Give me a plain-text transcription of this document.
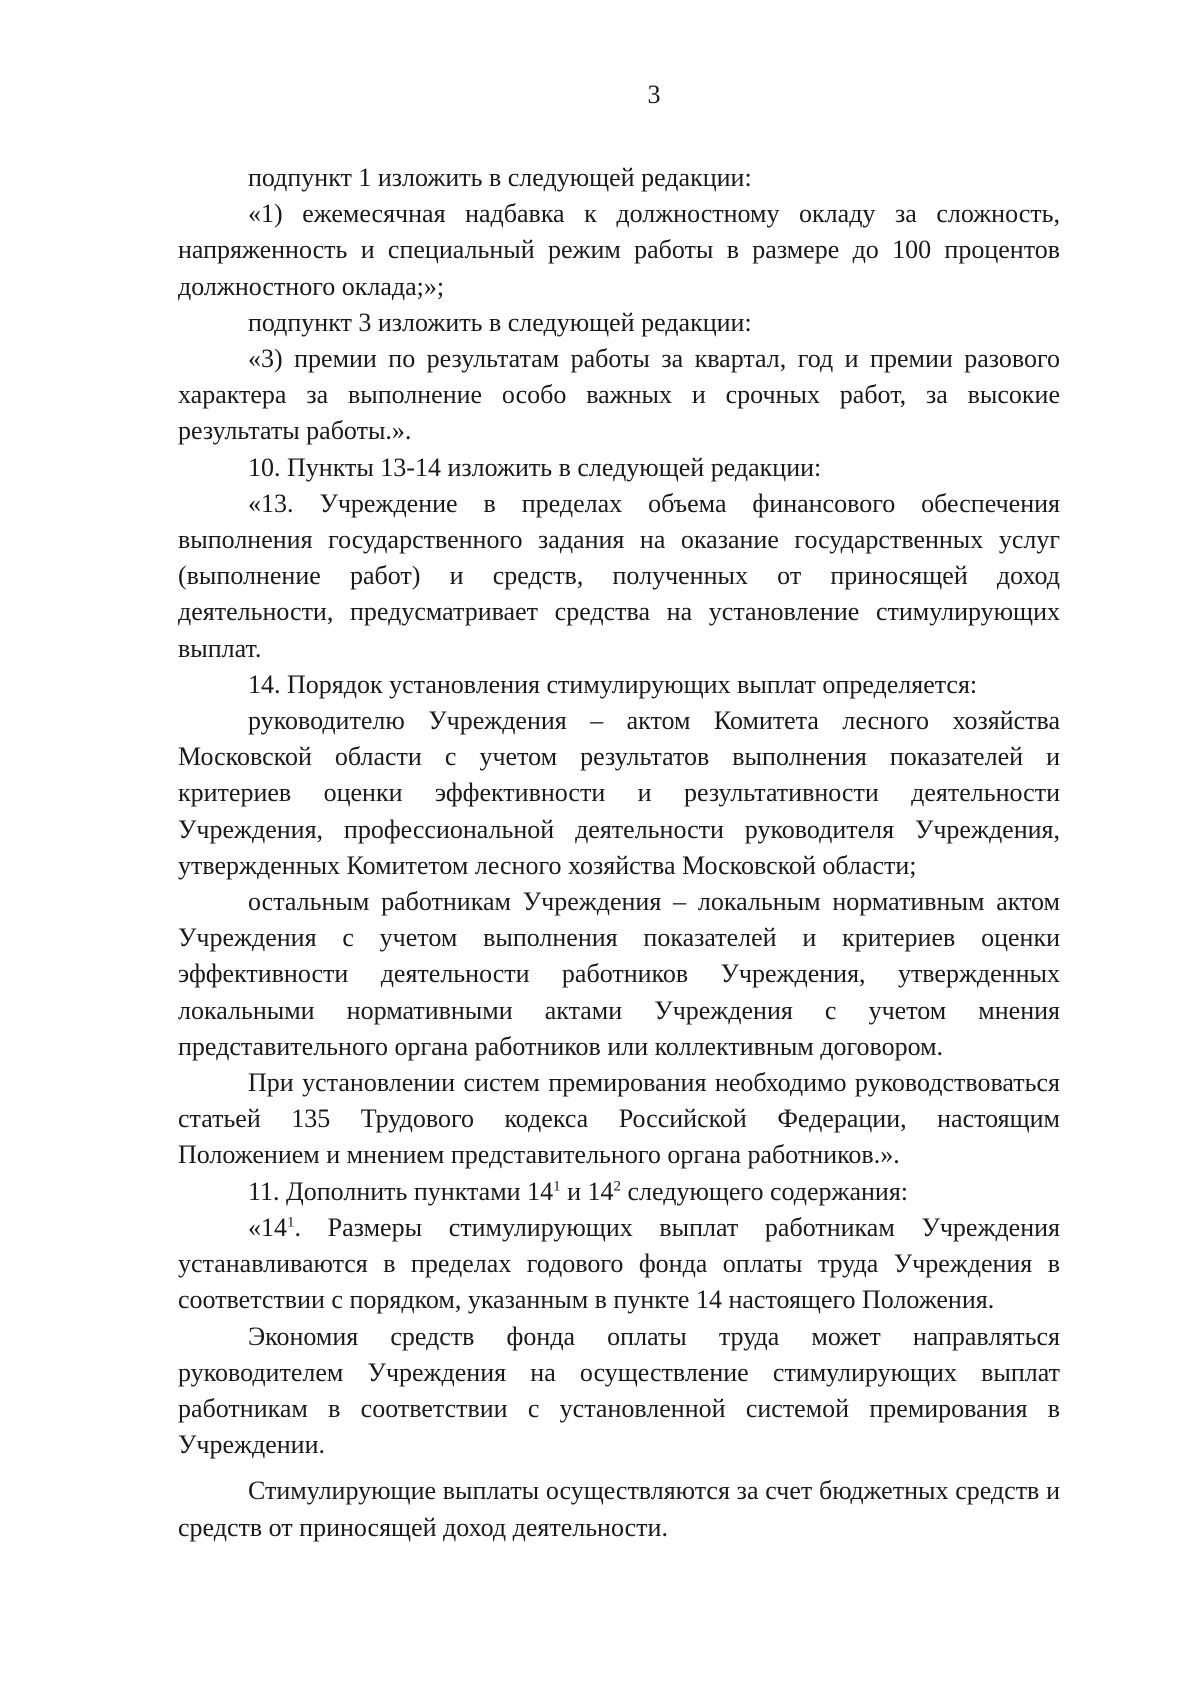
3

подпункт 1 изложить в следующей редакции:

«1) ежемесячная надбавка к должностному окладу за сложность, напряженность и специальный режим работы в размере до 100 процентов должностного оклада;»;

подпункт 3 изложить в следующей редакции:

«3) премии по результатам работы за квартал, год и премии разового характера за выполнение особо важных и срочных работ, за высокие результаты работы.».

10. Пункты 13-14 изложить в следующей редакции:

«13. Учреждение в пределах объема финансового обеспечения выполнения государственного задания на оказание государственных услуг (выполнение работ) и средств, полученных от приносящей доход деятельности, предусматривает средства на установление стимулирующих выплат.

14. Порядок установления стимулирующих выплат определяется:

руководителю Учреждения – актом Комитета лесного хозяйства Московской области с учетом результатов выполнения показателей и критериев оценки эффективности и результативности деятельности Учреждения, профессиональной деятельности руководителя Учреждения, утвержденных Комитетом лесного хозяйства Московской области;

остальным работникам Учреждения – локальным нормативным актом Учреждения с учетом выполнения показателей и критериев оценки эффективности деятельности работников Учреждения, утвержденных локальными нормативными актами Учреждения с учетом мнения представительного органа работников или коллективным договором.

При установлении систем премирования необходимо руководствоваться статьей 135 Трудового кодекса Российской Федерации, настоящим Положением и мнением представительного органа работников.».

11. Дополнить пунктами $14^1$ и $14^2$ следующего содержания:

«$14^1$. Размеры стимулирующих выплат работникам Учреждения устанавливаются в пределах годового фонда оплаты труда Учреждения в соответствии с порядком, указанным в пункте 14 настоящего Положения.

Экономия средств фонда оплаты труда может направляться руководителем Учреждения на осуществление стимулирующих выплат работникам в соответствии с установленной системой премирования в Учреждении.

Стимулирующие выплаты осуществляются за счет бюджетных средств и средств от приносящей доход деятельности.
